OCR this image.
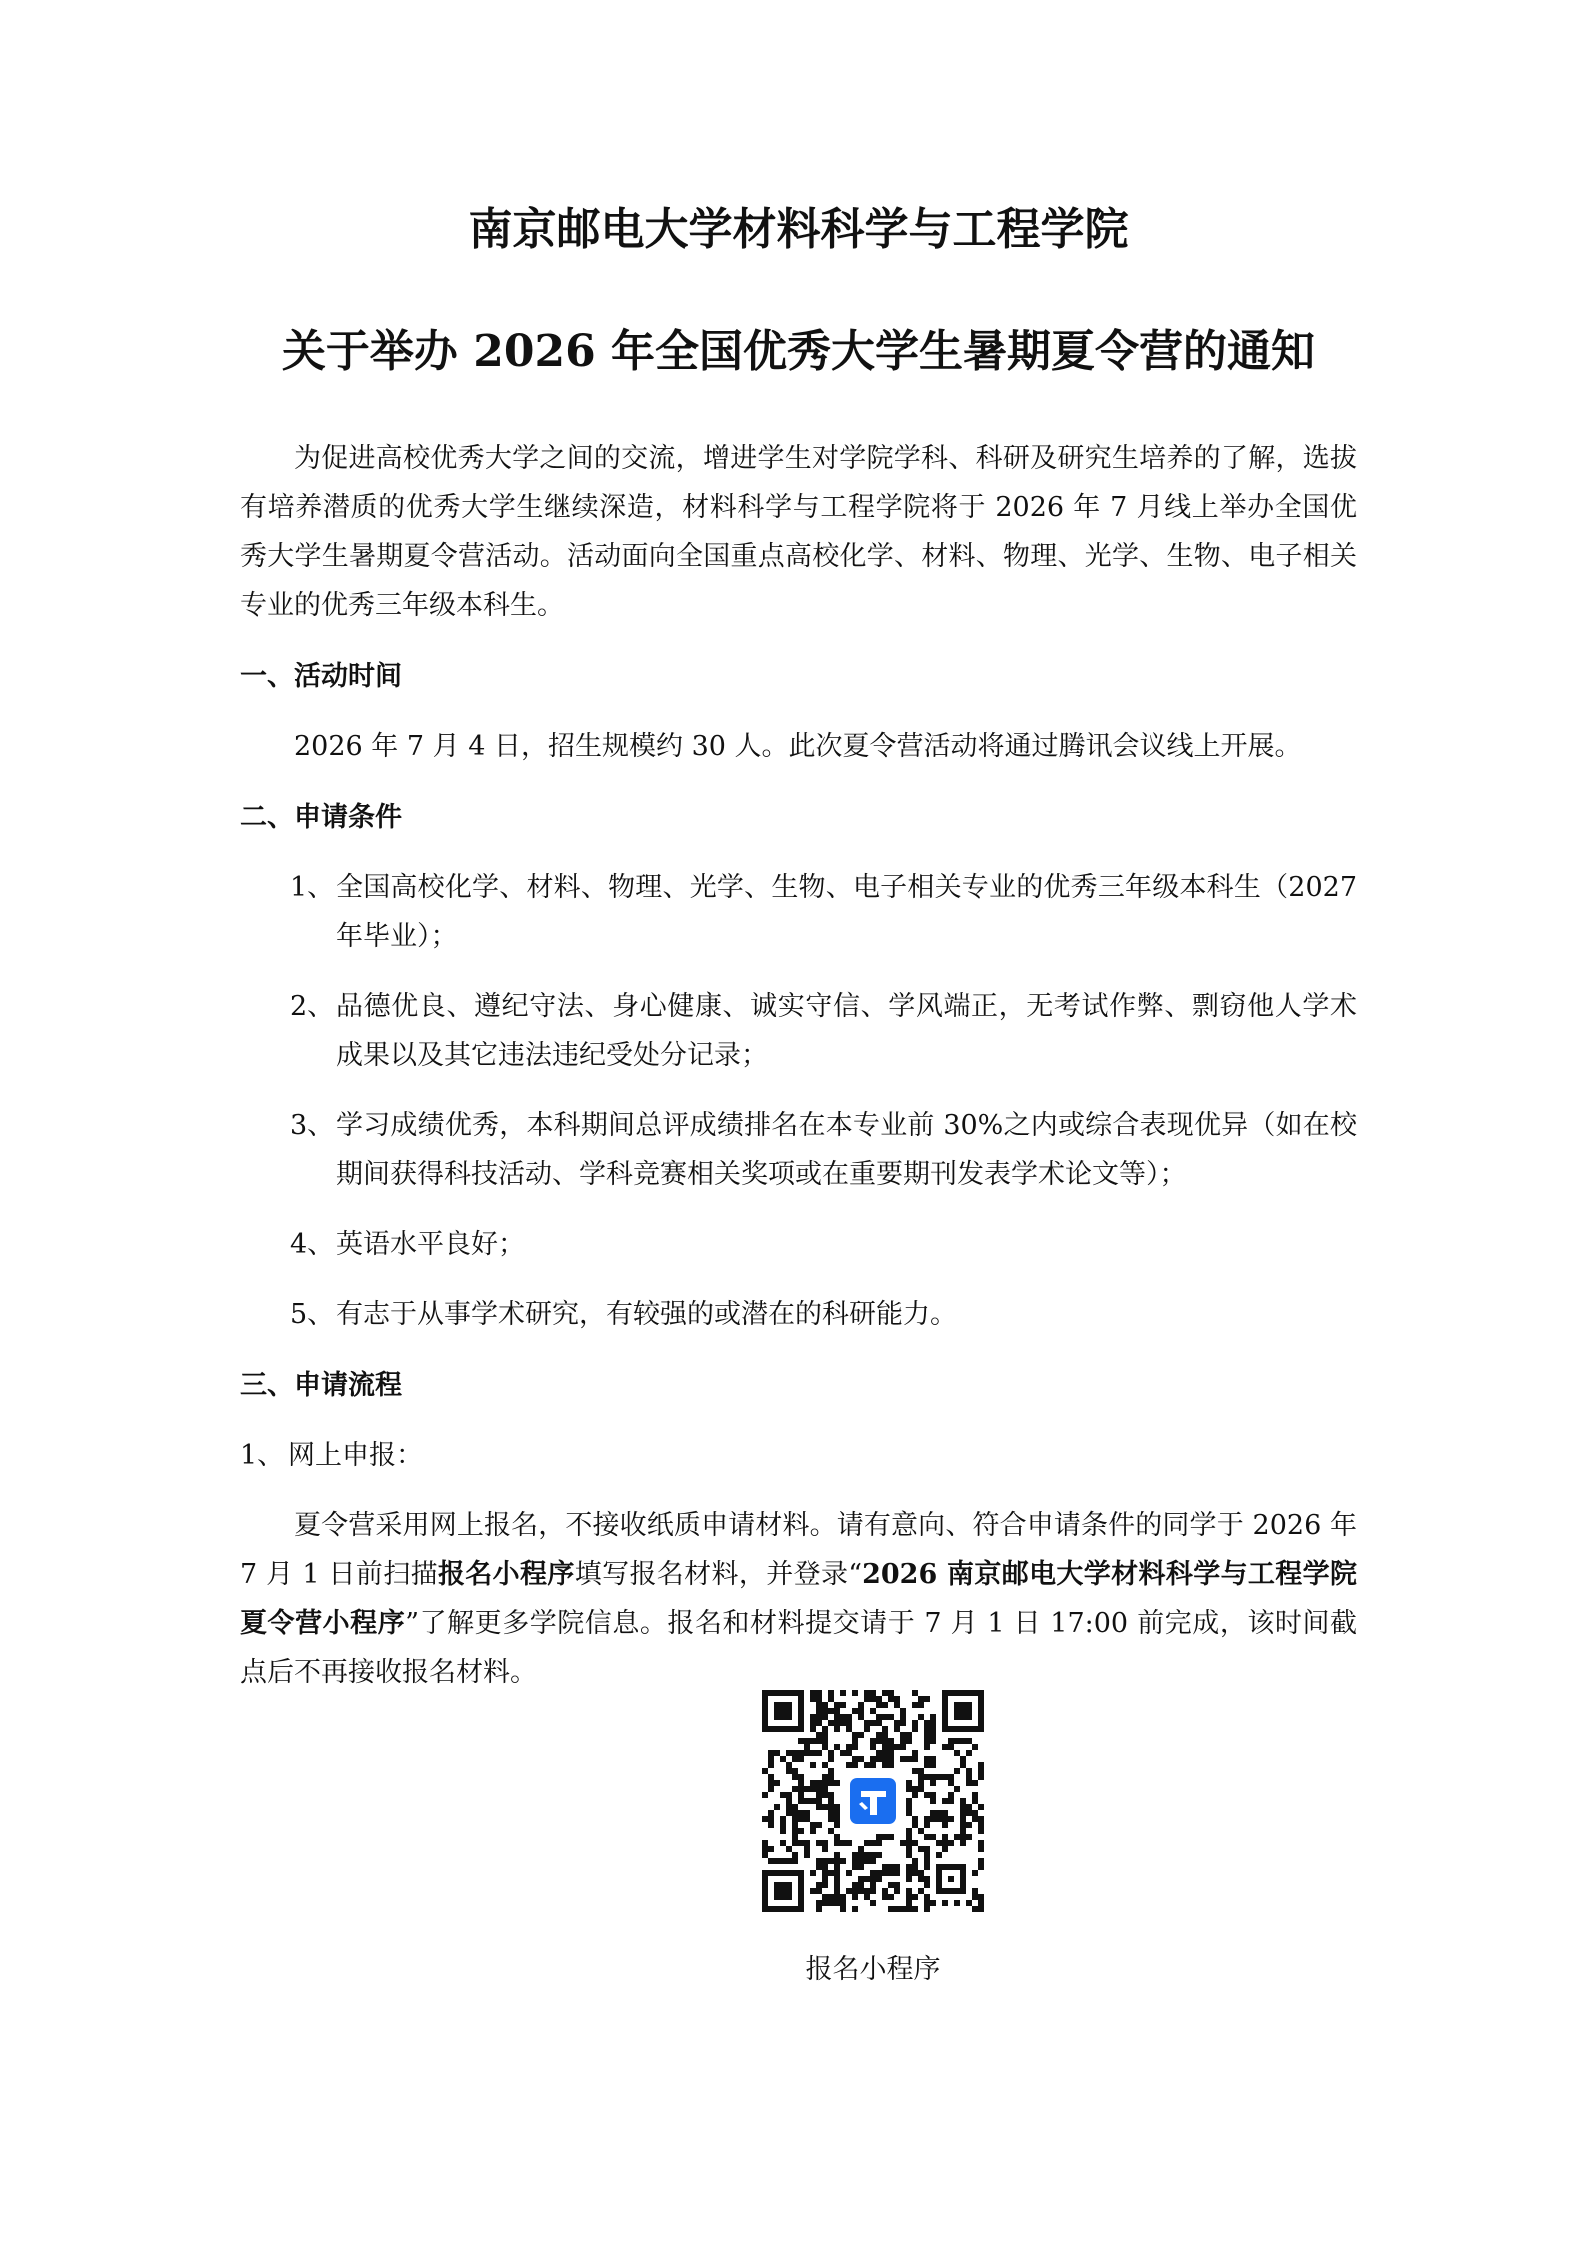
南京邮电大学材料科学与工程学院
关于举办 2026 年全国优秀大学生暑期夏令营的通知

为促进高校优秀大学之间的交流，增进学生对学院学科、科研及研究生培养的了解，选拔有培养潜质的优秀大学生继续深造，材料科学与工程学院将于 2026 年 7 月线上举办全国优秀大学生暑期夏令营活动。活动面向全国重点高校化学、材料、物理、光学、生物、电子相关专业的优秀三年级本科生。

一、活动时间

2026 年 7 月 4 日，招生规模约 30 人。此次夏令营活动将通过腾讯会议线上开展。

二、申请条件

1、 全国高校化学、材料、物理、光学、生物、电子相关专业的优秀三年级本科生（2027 年毕业）；
2、 品德优良、遵纪守法、身心健康、诚实守信、学风端正，无考试作弊、剽窃他人学术成果以及其它违法违纪受处分记录；
3、 学习成绩优秀，本科期间总评成绩排名在本专业前 30%之内或综合表现优异（如在校期间获得科技活动、学科竞赛相关奖项或在重要期刊发表学术论文等）；
4、 英语水平良好；
5、 有志于从事学术研究，有较强的或潜在的科研能力。

三、申请流程

1、 网上申报：

夏令营采用网上报名，不接收纸质申请材料。请有意向、符合申请条件的同学于 2026 年 7 月 1 日前扫描报名小程序填写报名材料，并登录“2026 南京邮电大学材料科学与工程学院夏令营小程序”了解更多学院信息。报名和材料提交请于 7 月 1 日 17:00 前完成，该时间截点后不再接收报名材料。

报名小程序
